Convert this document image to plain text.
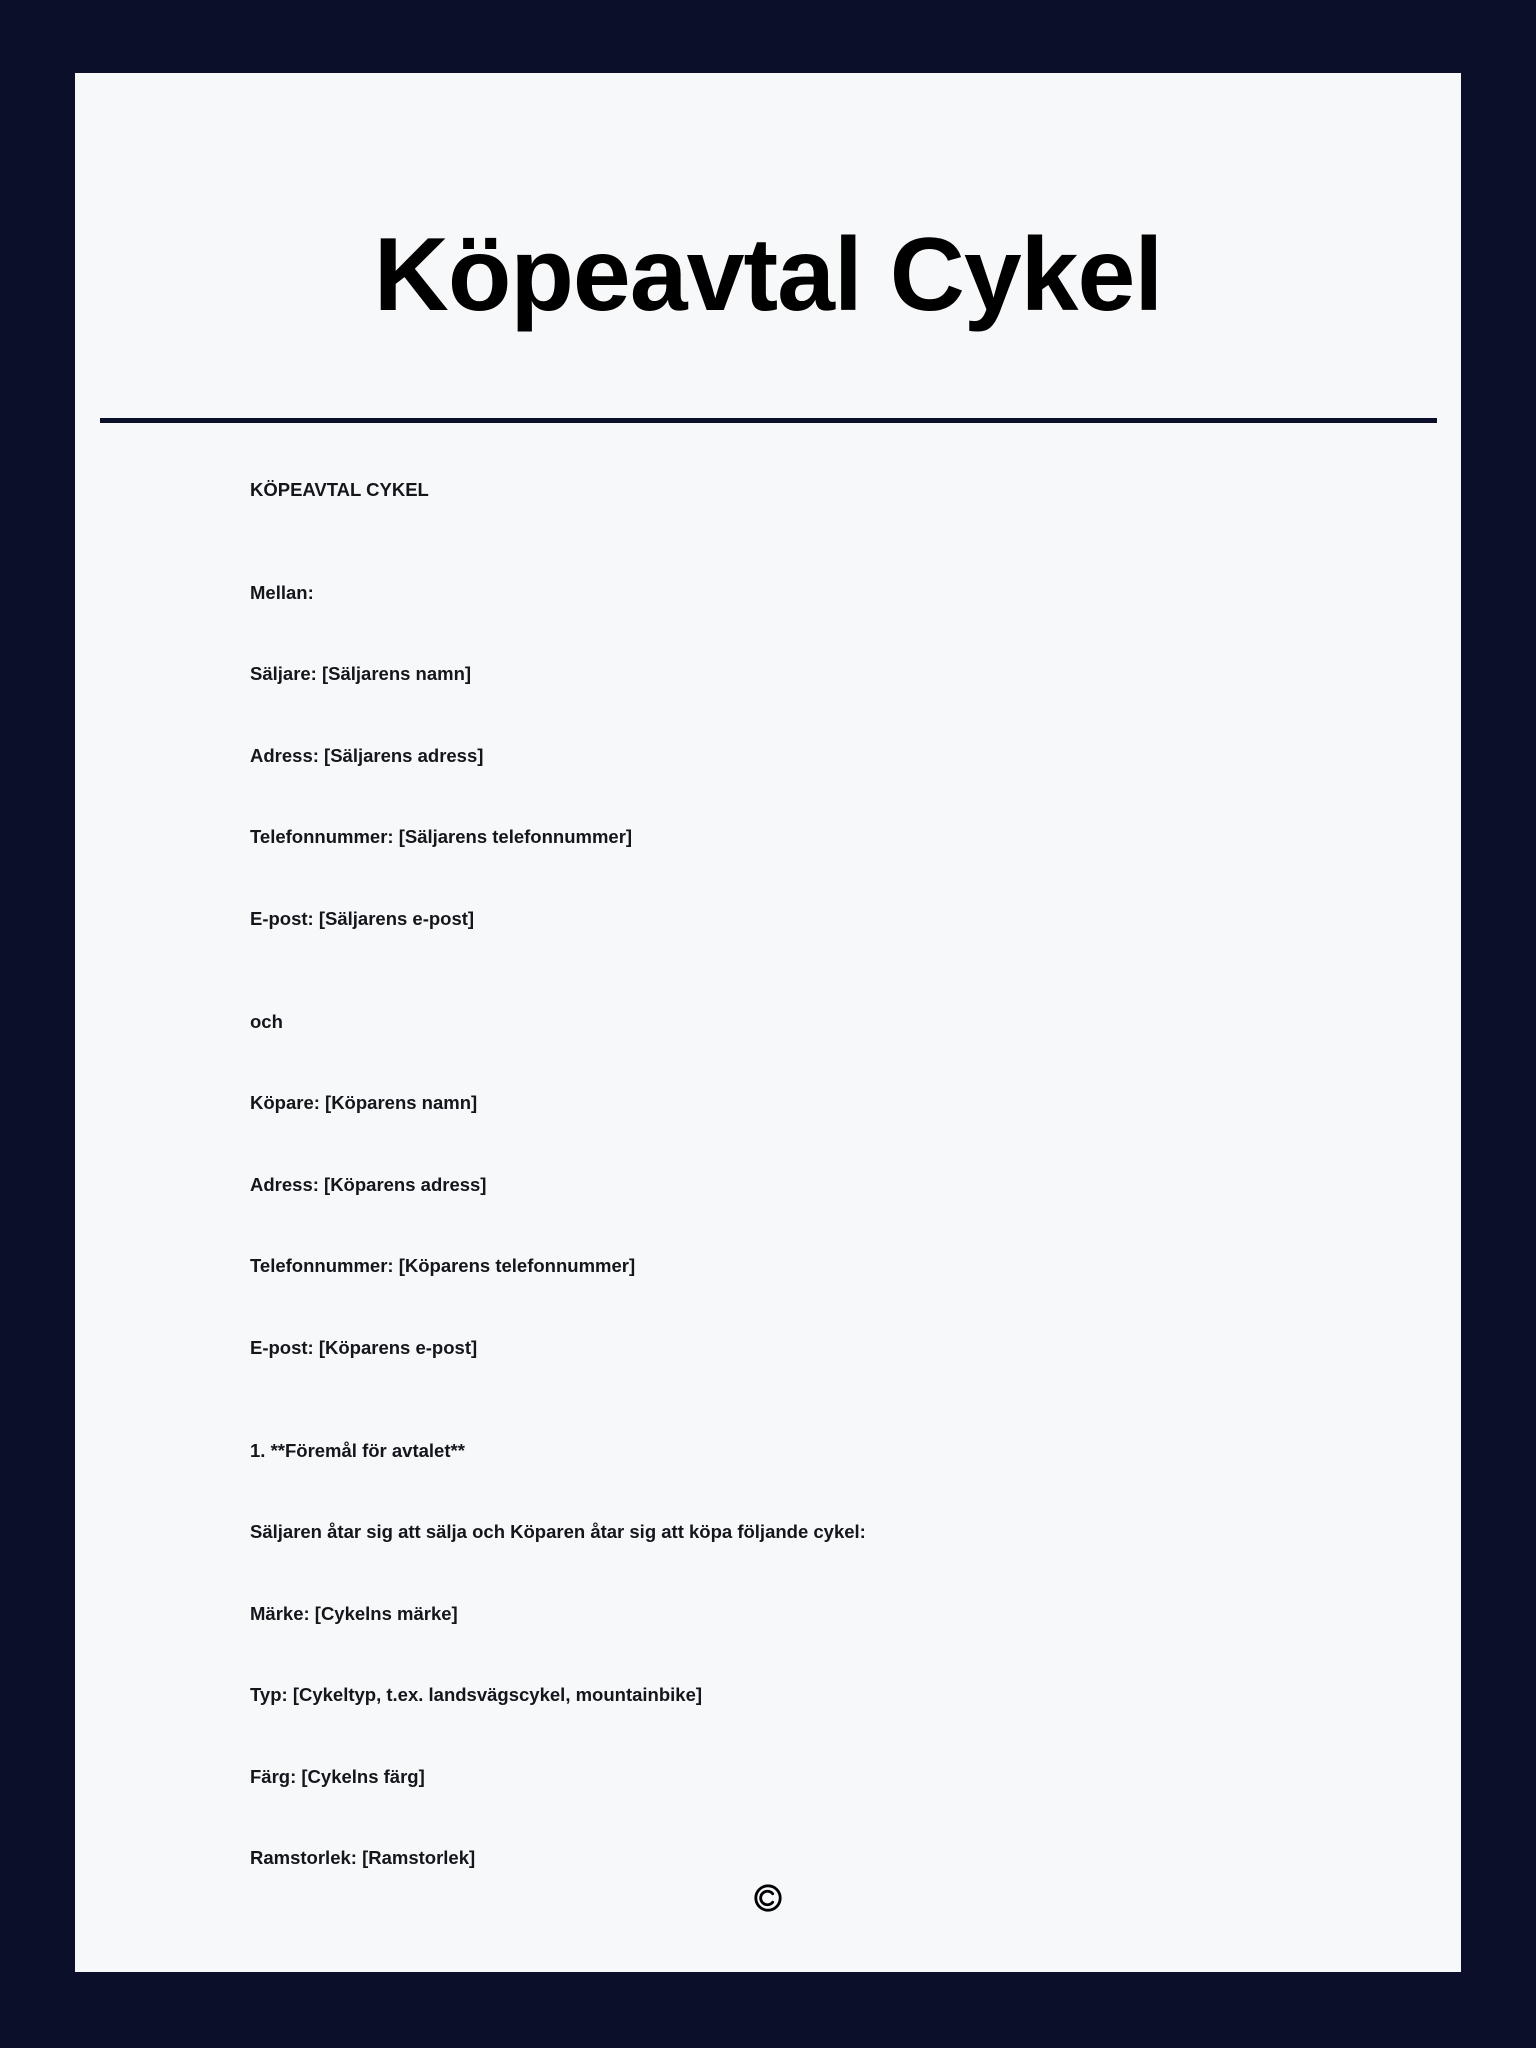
Köpeavtal Cykel

KÖPEAVTAL CYKEL

Mellan:

Säljare: [Säljarens namn]

Adress: [Säljarens adress]

Telefonnummer: [Säljarens telefonnummer]

E-post: [Säljarens e-post]

och

Köpare: [Köparens namn]

Adress: [Köparens adress]

Telefonnummer: [Köparens telefonnummer]

E-post: [Köparens e-post]

1. **Föremål för avtalet**

Säljaren åtar sig att sälja och Köparen åtar sig att köpa följande cykel:

Märke: [Cykelns märke]

Typ: [Cykeltyp, t.ex. landsvägscykel, mountainbike]

Färg: [Cykelns färg]

Ramstorlek: [Ramstorlek]
